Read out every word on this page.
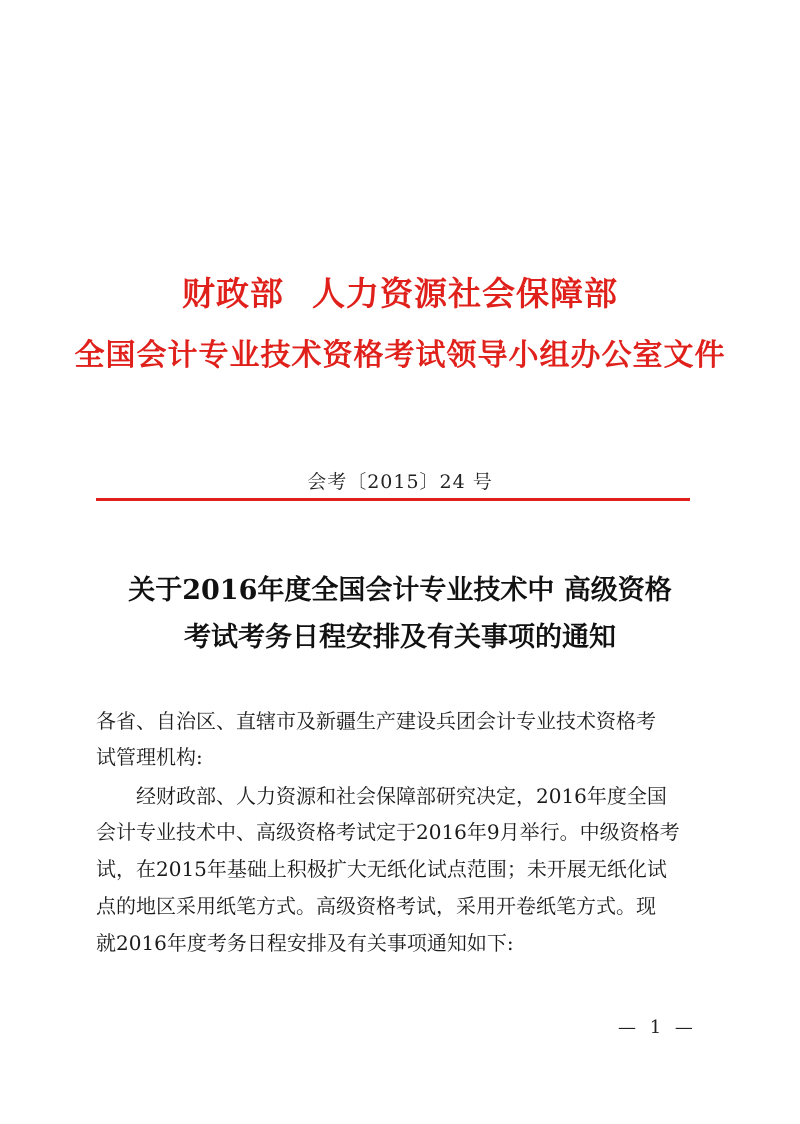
财政部 人力资源社会保障部
全国会计专业技术资格考试领导小组办公室文件
会考〔2015〕24 号
关于2016年度全国会计专业技术中 高级资格
考试考务日程安排及有关事项的通知
各省、自治区、直辖市及新疆生产建设兵团会计专业技术资格考
试管理机构:
经财政部、人力资源和社会保障部研究决定，2016年度全国
会计专业技术中、高级资格考试定于2016年9月举行。中级资格考
试，在2015年基础上积极扩大无纸化试点范围；未开展无纸化试
点的地区采用纸笔方式。高级资格考试，采用开卷纸笔方式。现
就2016年度考务日程安排及有关事项通知如下:
— 1 —
